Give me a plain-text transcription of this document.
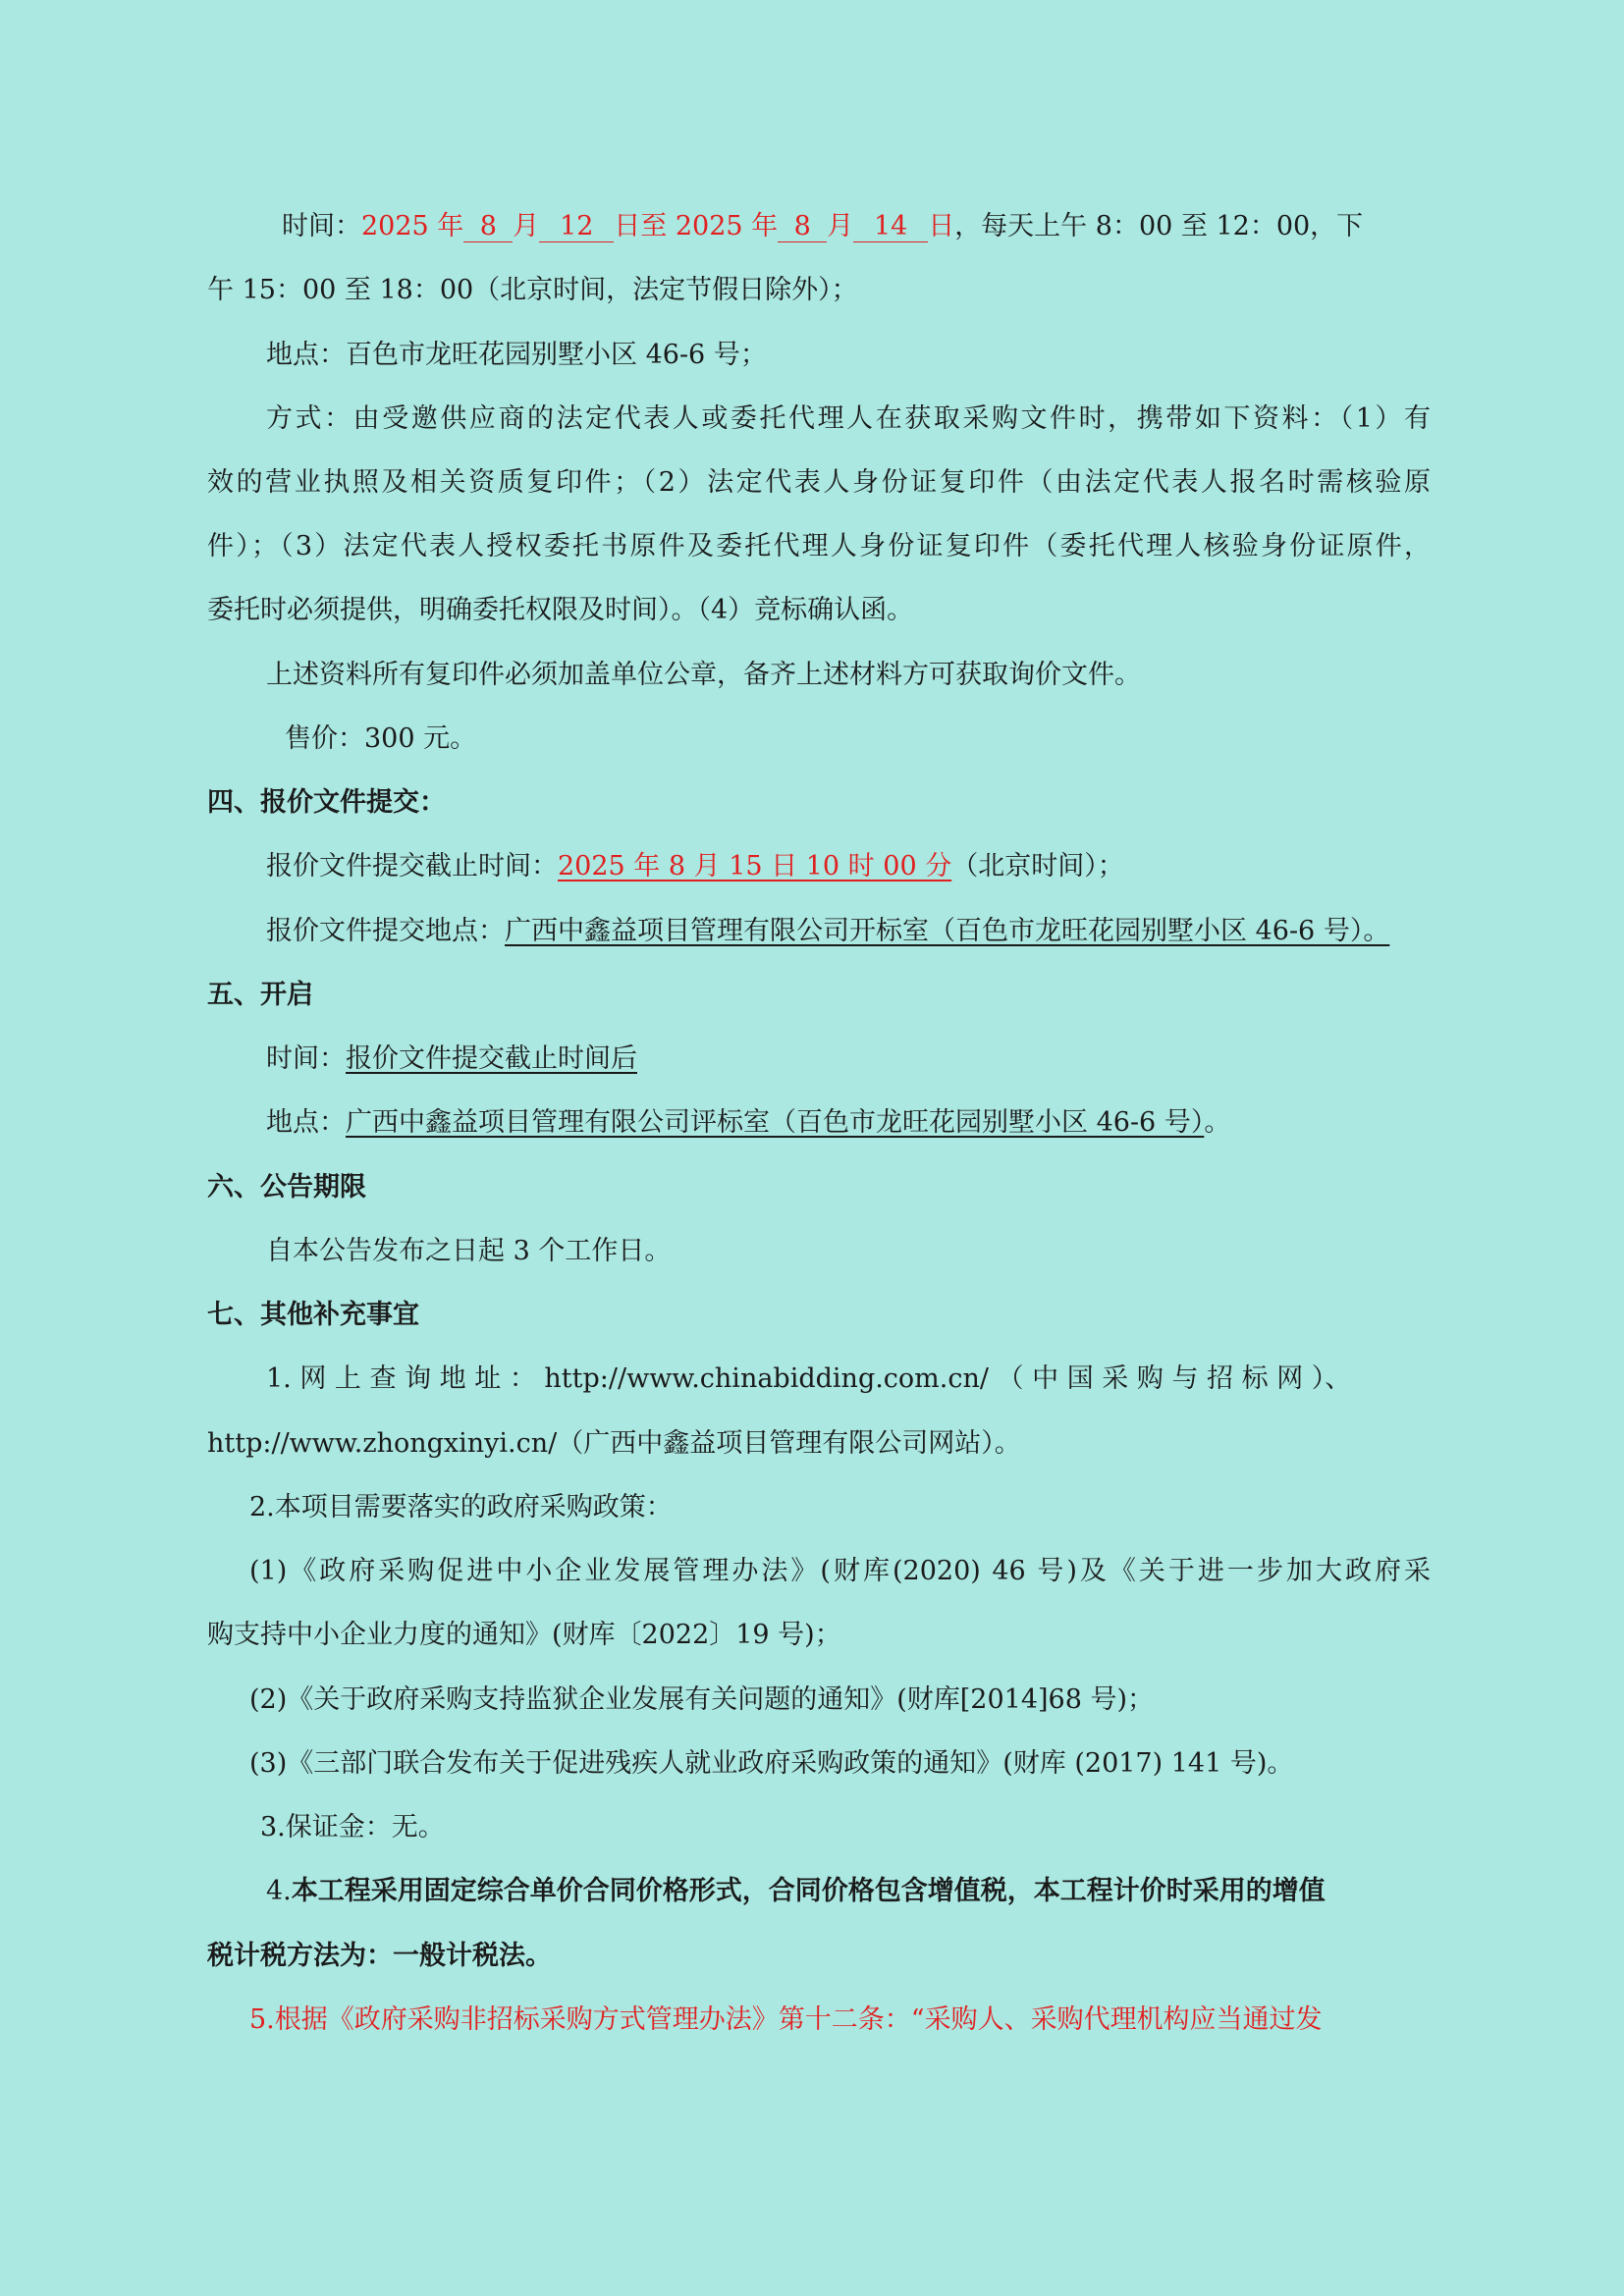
时间：2025 年 8 月 12 日至 2025 年 8 月 14 日，每天上午 8：00 至 12：00，下
午 15：00 至 18：00（北京时间，法定节假日除外）；
地点：百色市龙旺花园别墅小区 46-6 号；
方式：由受邀供应商的法定代表人或委托代理人在获取采购文件时，携带如下资料：（1）有
效的营业执照及相关资质复印件；（2）法定代表人身份证复印件（由法定代表人报名时需核验原
件）；（3）法定代表人授权委托书原件及委托代理人身份证复印件（委托代理人核验身份证原件，
委托时必须提供，明确委托权限及时间）。（4）竞标确认函。
上述资料所有复印件必须加盖单位公章，备齐上述材料方可获取询价文件。
售价：300 元。
四、报价文件提交：
报价文件提交截止时间：2025 年 8 月 15 日 10 时 00 分（北京时间）；
报价文件提交地点：广西中鑫益项目管理有限公司开标室（百色市龙旺花园别墅小区 46-6 号）。
五、开启
时间：报价文件提交截止时间后
地点：广西中鑫益项目管理有限公司评标室（百色市龙旺花园别墅小区 46-6 号）。
六、公告期限
自本公告发布之日起 3 个工作日。
七、其他补充事宜
1. 网 上 查 询 地 址 ： http://www.chinabidding.com.cn/ （ 中 国 采 购 与 招 标 网 ）、
http://www.zhongxinyi.cn/（广西中鑫益项目管理有限公司网站）。
2.本项目需要落实的政府采购政策：
(1)《政府采购促进中小企业发展管理办法》(财库(2020) 46 号)及《关于进一步加大政府采
购支持中小企业力度的通知》(财库〔2022〕19 号)；
(2)《关于政府采购支持监狱企业发展有关问题的通知》(财库[2014]68 号)；
(3)《三部门联合发布关于促进残疾人就业政府采购政策的通知》(财库 (2017) 141 号)。
3.保证金：无。
4.本工程采用固定综合单价合同价格形式，合同价格包含增值税，本工程计价时采用的增值
税计税方法为：一般计税法。
5.根据《政府采购非招标采购方式管理办法》第十二条：“采购人、采购代理机构应当通过发
